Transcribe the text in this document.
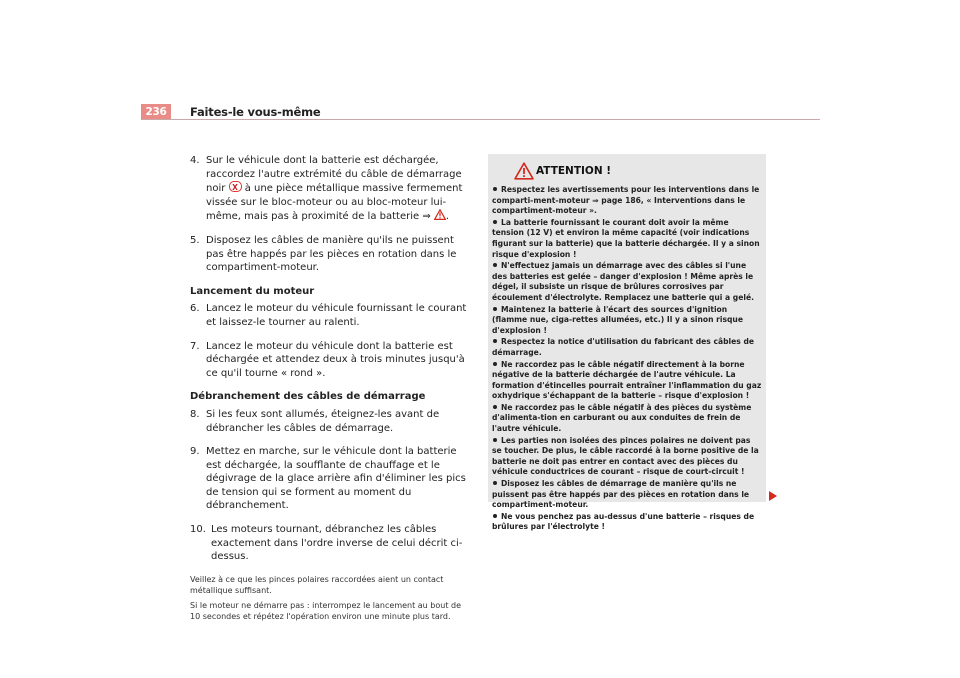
236	Faites-le vous-même
4. Sur le véhicule dont la batterie est déchargée, raccordez l'autre extrémité du câble de démarrage noir X à une pièce métallique massive fermement vissée sur le bloc-moteur ou au bloc-moteur lui-même, mais pas à proximité de la batterie ⇒ .
5. Disposez les câbles de manière qu'ils ne puissent pas être happés par les pièces en rotation dans le compartiment-moteur.
Lancement du moteur
6. Lancez le moteur du véhicule fournissant le courant et laissez-le tourner au ralenti.
7. Lancez le moteur du véhicule dont la batterie est déchargée et attendez deux à trois minutes jusqu'à ce qu'il tourne « rond ».
Débranchement des câbles de démarrage
8. Si les feux sont allumés, éteignez-les avant de débrancher les câbles de démarrage.
9. Mettez en marche, sur le véhicule dont la batterie est déchargée, la soufflante de chauffage et le dégivrage de la glace arrière afin d'éliminer les pics de tension qui se forment au moment du débranchement.
10. Les moteurs tournant, débranchez les câbles exactement dans l'ordre inverse de celui décrit ci-dessus.

Veillez à ce que les pinces polaires raccordées aient un contact métallique suffisant.

Si le moteur ne démarre pas : interrompez le lancement au bout de 10 secondes et répétez l'opération environ une minute plus tard.

ATTENTION !
Respectez les avertissements pour les interventions dans le comparti-ment-moteur ⇒ page 186, « Interventions dans le compartiment-moteur ».
La batterie fournissant le courant doit avoir la même tension (12 V) et environ la même capacité (voir indications figurant sur la batterie) que la batterie déchargée. Il y a sinon risque d'explosion !
N'effectuez jamais un démarrage avec des câbles si l'une des batteries est gelée – danger d'explosion ! Même après le dégel, il subsiste un risque de brûlures corrosives par écoulement d'électrolyte. Remplacez une batterie qui a gelé.
Maintenez la batterie à l'écart des sources d'ignition (flamme nue, ciga-rettes allumées, etc.) Il y a sinon risque d'explosion !
Respectez la notice d'utilisation du fabricant des câbles de démarrage.
Ne raccordez pas le câble négatif directement à la borne négative de la batterie déchargée de l'autre véhicule. La formation d'étincelles pourrait entraîner l'inflammation du gaz oxhydrique s'échappant de la batterie – risque d'explosion !
Ne raccordez pas le câble négatif à des pièces du système d'alimenta-tion en carburant ou aux conduites de frein de l'autre véhicule.
Les parties non isolées des pinces polaires ne doivent pas se toucher. De plus, le câble raccordé à la borne positive de la batterie ne doit pas entrer en contact avec des pièces du véhicule conductrices de courant – risque de court-circuit !
Disposez les câbles de démarrage de manière qu'ils ne puissent pas être happés par des pièces en rotation dans le compartiment-moteur.
Ne vous penchez pas au-dessus d'une batterie – risques de brûlures par l'électrolyte !
